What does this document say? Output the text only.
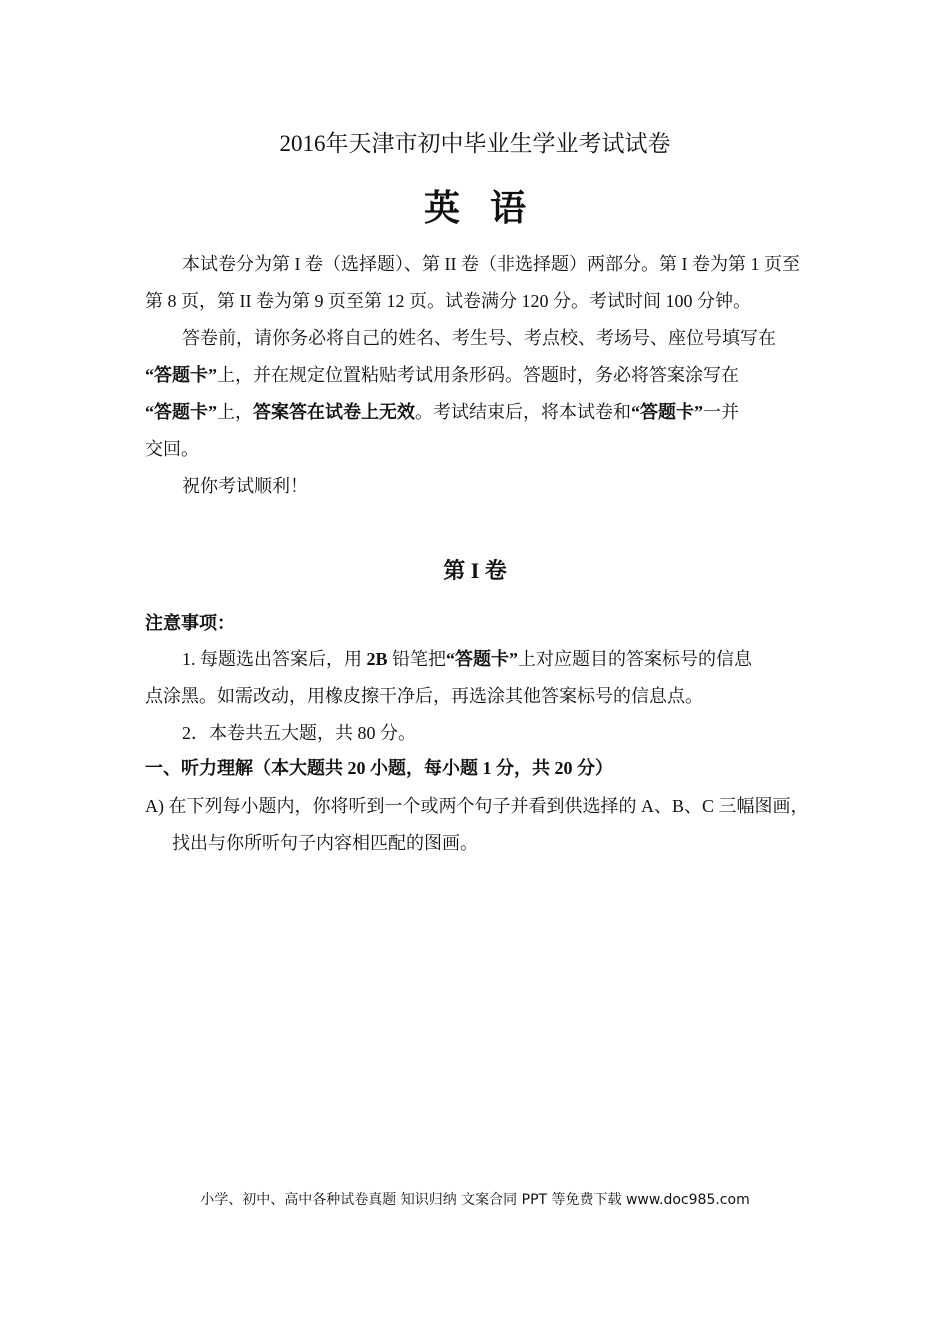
2016年天津市初中毕业生学业考试试卷
英语
本试卷分为第 I 卷（选择题）、第 II 卷（非选择题）两部分。第 I 卷为第 1 页至
第 8 页，第 II 卷为第 9 页至第 12 页。试卷满分 120 分。考试时间 100 分钟。
答卷前，请你务必将自己的姓名、考生号、考点校、考场号、座位号填写在
“答题卡”上，并在规定位置粘贴考试用条形码。答题时，务必将答案涂写在
“答题卡”上，答案答在试卷上无效。考试结束后，将本试卷和“答题卡”一并
交回。
祝你考试顺利！
第 I 卷
注意事项：
1. 每题选出答案后，用 2B 铅笔把“答题卡”上对应题目的答案标号的信息
点涂黑。如需改动，用橡皮擦干净后，再选涂其他答案标号的信息点。
2．本卷共五大题，共 80 分。
一、听力理解（本大题共 20 小题，每小题 1 分，共 20 分）
A) 在下列每小题内，你将听到一个或两个句子并看到供选择的 A、B、C 三幅图画，
找出与你所听句子内容相匹配的图画。
小学、初中、高中各种试卷真题 知识归纳 文案合同 PPT 等免费下载 www.doc985.com
